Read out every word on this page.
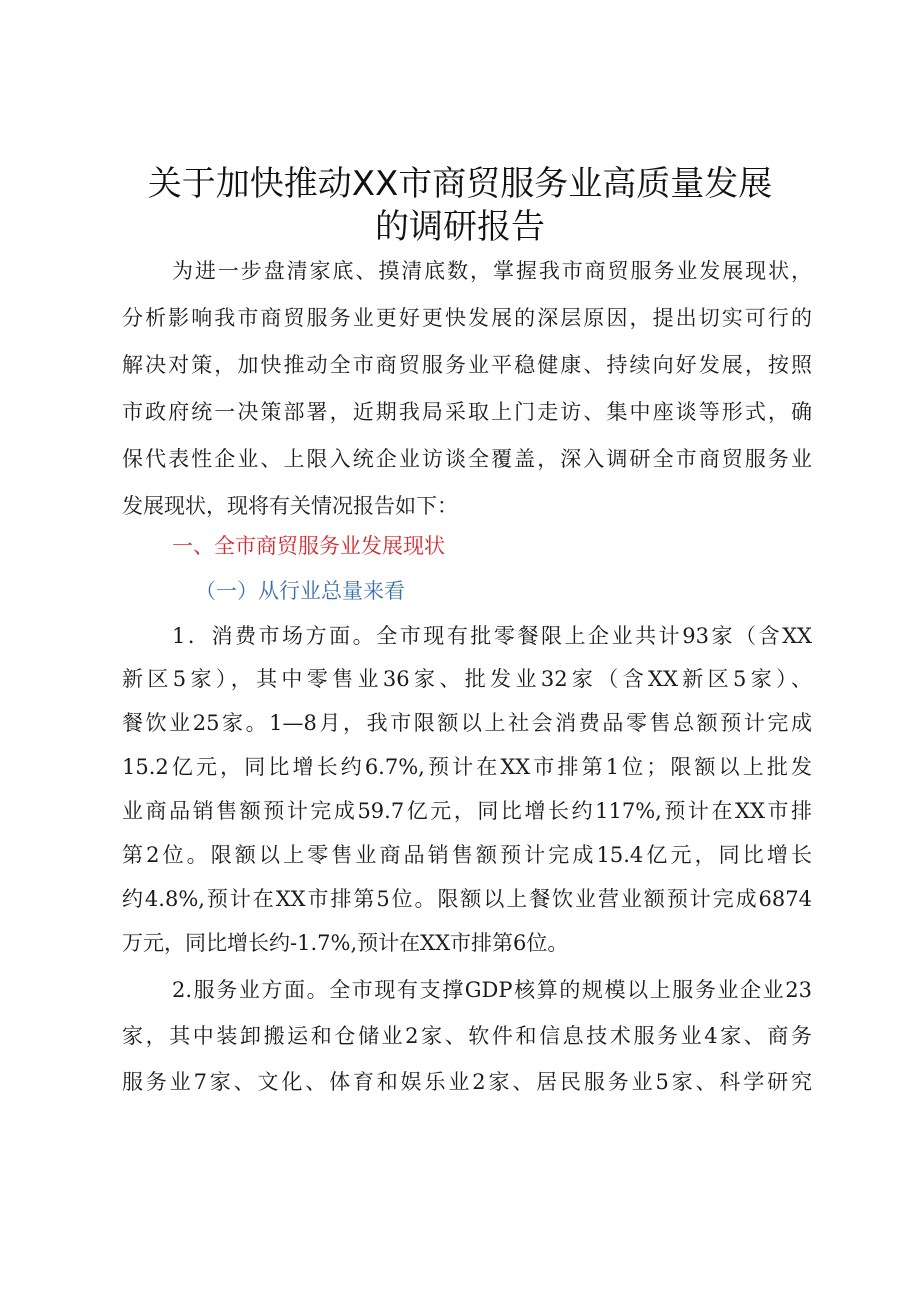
关于加快推动XX市商贸服务业高质量发展
的调研报告
为进一步盘清家底、摸清底数，掌握我市商贸服务业发展现状，
分析影响我市商贸服务业更好更快发展的深层原因，提出切实可行的
解决对策，加快推动全市商贸服务业平稳健康、持续向好发展，按照
市政府统一决策部署，近期我局采取上门走访、集中座谈等形式，确
保代表性企业、上限入统企业访谈全覆盖，深入调研全市商贸服务业
发展现状，现将有关情况报告如下：
一、全市商贸服务业发展现状
（一）从行业总量来看
1．消费市场方面。全市现有批零餐限上企业共计93家（含XX
新区5家），其中零售业36家、批发业32家（含XX新区5家）、
餐饮业25家。1—8月，我市限额以上社会消费品零售总额预计完成
15.2亿元，同比增长约6.7%,预计在XX市排第1位；限额以上批发
业商品销售额预计完成59.7亿元，同比增长约117%,预计在XX市排
第2位。限额以上零售业商品销售额预计完成15.4亿元，同比增长
约4.8%,预计在XX市排第5位。限额以上餐饮业营业额预计完成6874
万元，同比增长约-1.7%,预计在XX市排第6位。
2.服务业方面。全市现有支撑GDP核算的规模以上服务业企业23
家，其中装卸搬运和仓储业2家、软件和信息技术服务业4家、商务
服务业7家、文化、体育和娱乐业2家、居民服务业5家、科学研究
